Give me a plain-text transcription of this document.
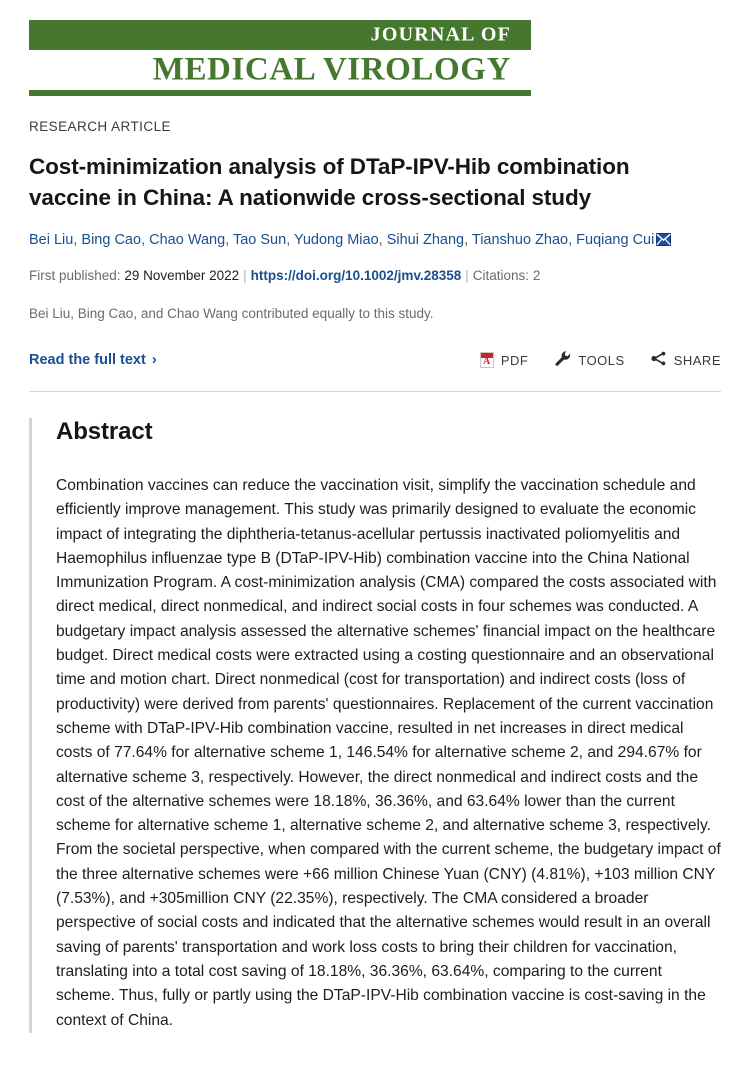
JOURNAL OF
MEDICAL VIROLOGY
RESEARCH ARTICLE
Cost-minimization analysis of DTaP-IPV-Hib combination vaccine in China: A nationwide cross-sectional study
Bei Liu, Bing Cao, Chao Wang, Tao Sun, Yudong Miao, Sihui Zhang, Tianshuo Zhao, Fuqiang Cui
First published: 29 November 2022 | https://doi.org/10.1002/jmv.28358 | Citations: 2
Bei Liu, Bing Cao, and Chao Wang contributed equally to this study.
Read the full text ›	A PDF	TOOLS	SHARE
Abstract

Combination vaccines can reduce the vaccination visit, simplify the vaccination schedule and efficiently improve management. This study was primarily designed to evaluate the economic impact of integrating the diphtheria-tetanus-acellular pertussis inactivated poliomyelitis and Haemophilus influenzae type B (DTaP-IPV-Hib) combination vaccine into the China National Immunization Program. A cost-minimization analysis (CMA) compared the costs associated with direct medical, direct nonmedical, and indirect social costs in four schemes was conducted. A budgetary impact analysis assessed the alternative schemes' financial impact on the healthcare budget. Direct medical costs were extracted using a costing questionnaire and an observational time and motion chart. Direct nonmedical (cost for transportation) and indirect costs (loss of productivity) were derived from parents' questionnaires. Replacement of the current vaccination scheme with DTaP-IPV-Hib combination vaccine, resulted in net increases in direct medical costs of 77.64% for alternative scheme 1, 146.54% for alternative scheme 2, and 294.67% for alternative scheme 3, respectively. However, the direct nonmedical and indirect costs and the cost of the alternative schemes were 18.18%, 36.36%, and 63.64% lower than the current scheme for alternative scheme 1, alternative scheme 2, and alternative scheme 3, respectively. From the societal perspective, when compared with the current scheme, the budgetary impact of the three alternative schemes were +66 million Chinese Yuan (CNY) (4.81%), +103 million CNY (7.53%), and +305million CNY (22.35%), respectively. The CMA considered a broader perspective of social costs and indicated that the alternative schemes would result in an overall saving of parents' transportation and work loss costs to bring their children for vaccination, translating into a total cost saving of 18.18%, 36.36%, 63.64%, comparing to the current scheme. Thus, fully or partly using the DTaP-IPV-Hib combination vaccine is cost-saving in the context of China.
